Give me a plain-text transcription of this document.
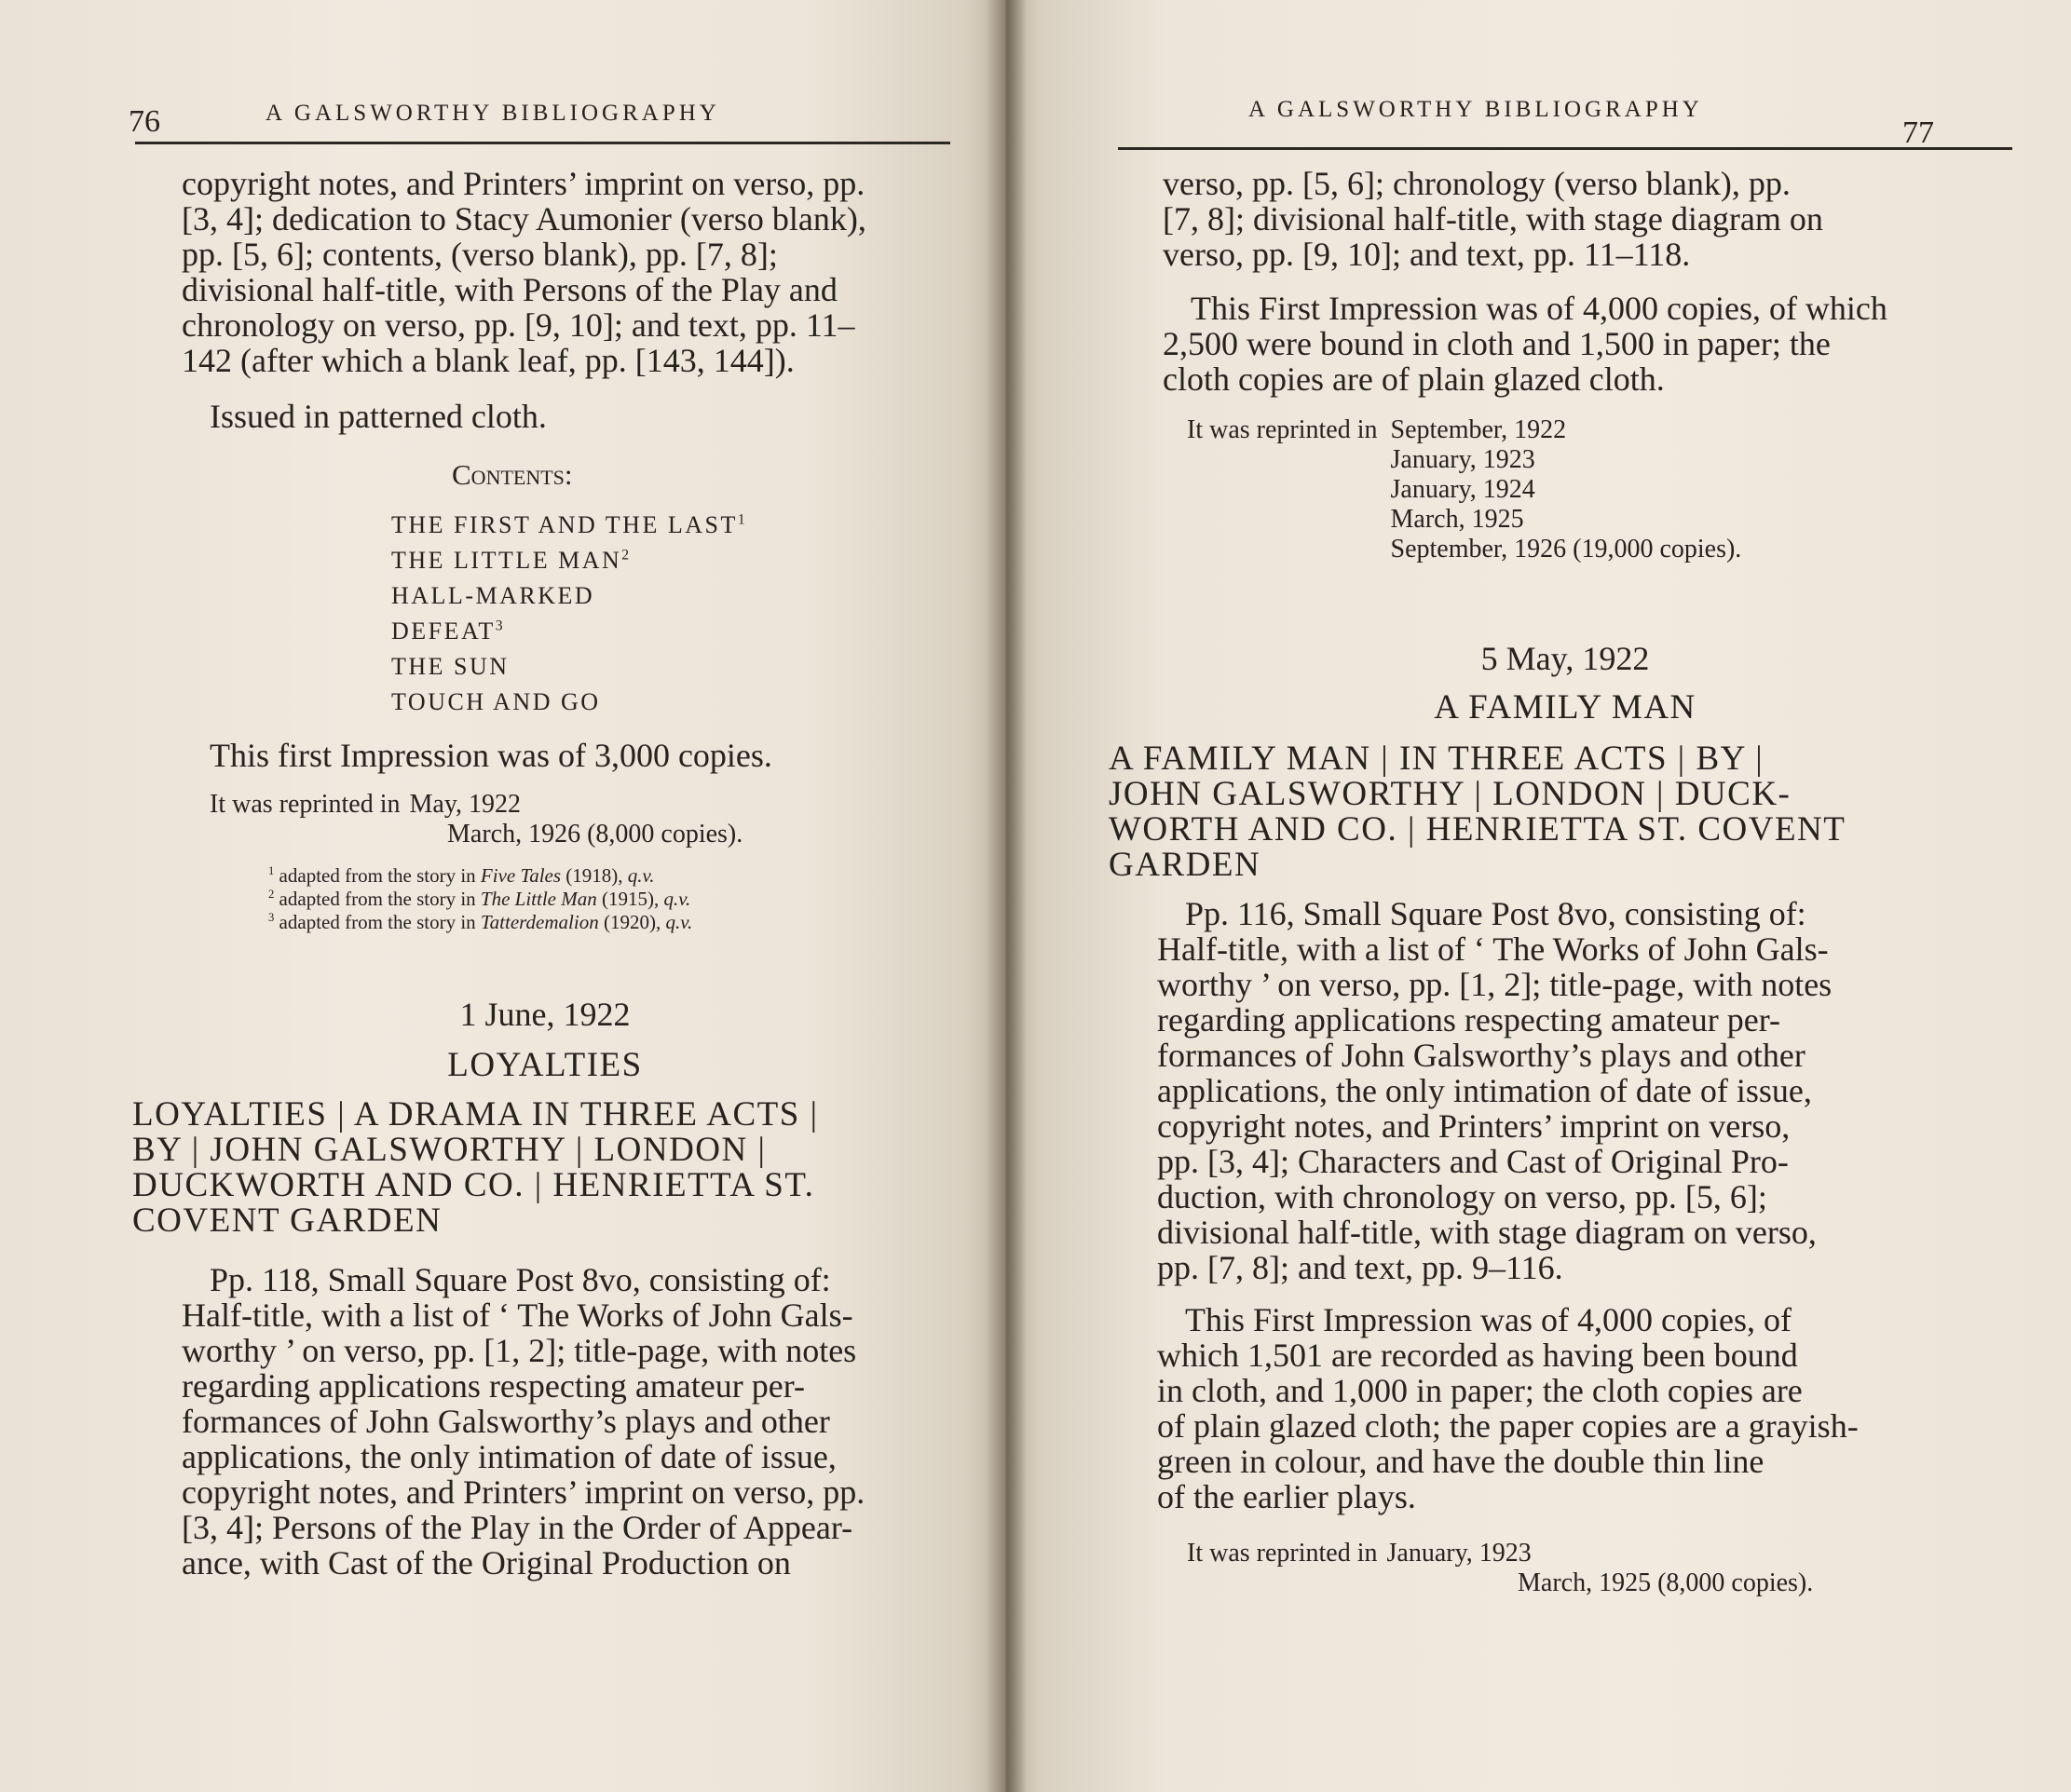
76	A GALSWORTHY BIBLIOGRAPHY

copyright notes, and Printers’ imprint on verso, pp.

[3, 4]; dedication to Stacy Aumonier (verso blank),

pp. [5, 6]; contents, (verso blank), pp. [7, 8];

divisional half-title, with Persons of the Play and

chronology on verso, pp. [9, 10]; and text, pp. 11–

142 (after which a blank leaf, pp. [143, 144]).

Issued in patterned cloth.
Contents:
THE FIRST AND THE LAST$^1$
THE LITTLE MAN$^2$
HALL-MARKED
DEFEAT$^3$
THE SUN
TOUCH AND GO
This first Impression was of 3,000 copies.
It was reprinted in May, 1922
March, 1926 (8,000 copies).
$^1$ adapted from the story in Five Tales (1918), q.v.
$^2$ adapted from the story in The Little Man (1915), q.v.
$^3$ adapted from the story in Tatterdemalion (1920), q.v.
1 June, 1922
LOYALTIES

LOYALTIES | A DRAMA IN THREE ACTS |

BY | JOHN GALSWORTHY | LONDON |

DUCKWORTH AND CO. | HENRIETTA ST.

COVENT GARDEN

Pp. 118, Small Square Post 8vo, consisting of:

Half-title, with a list of ‘ The Works of John Gals-

worthy ’ on verso, pp. [1, 2]; title-page, with notes

regarding applications respecting amateur per-

formances of John Galsworthy’s plays and other

applications, the only intimation of date of issue,

copyright notes, and Printers’ imprint on verso, pp.

[3, 4]; Persons of the Play in the Order of Appear-

ance, with Cast of the Original Production on

A GALSWORTHY BIBLIOGRAPHY
77

verso, pp. [5, 6]; chronology (verso blank), pp.

[7, 8]; divisional half-title, with stage diagram on

verso, pp. [9, 10]; and text, pp. 11–118.

This First Impression was of 4,000 copies, of which

2,500 were bound in cloth and 1,500 in paper; the

cloth copies are of plain glazed cloth.

It was reprinted in September, 1922
January, 1923
January, 1924
March, 1925
September, 1926 (19,000 copies).
5 May, 1922
A FAMILY MAN

A FAMILY MAN | IN THREE ACTS | BY |

JOHN GALSWORTHY | LONDON | DUCK-

WORTH AND CO. | HENRIETTA ST. COVENT

GARDEN

Pp. 116, Small Square Post 8vo, consisting of:

Half-title, with a list of ‘ The Works of John Gals-

worthy ’ on verso, pp. [1, 2]; title-page, with notes

regarding applications respecting amateur per-

formances of John Galsworthy’s plays and other

applications, the only intimation of date of issue,

copyright notes, and Printers’ imprint on verso,

pp. [3, 4]; Characters and Cast of Original Pro-

duction, with chronology on verso, pp. [5, 6];

divisional half-title, with stage diagram on verso,

pp. [7, 8]; and text, pp. 9–116.

This First Impression was of 4,000 copies, of

which 1,501 are recorded as having been bound

in cloth, and 1,000 in paper; the cloth copies are

of plain glazed cloth; the paper copies are a grayish-

green in colour, and have the double thin line

of the earlier plays.

It was reprinted in January, 1923
March, 1925 (8,000 copies).
